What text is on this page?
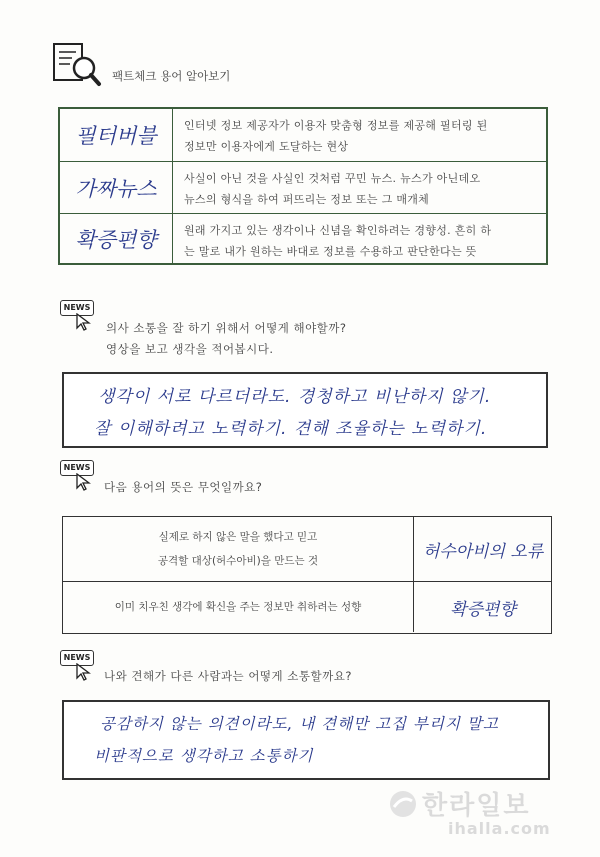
팩트체크 용어 알아보기
필터버블	인터넷 정보 제공자가 이용자 맞춤형 정보를 제공해 필터링 된
정보만 이용자에게 도달하는 현상
가짜뉴스	사실이 아닌 것을 사실인 것처럼 꾸민 뉴스. 뉴스가 아닌데오
뉴스의 형식을 하여 퍼뜨리는 정보 또는 그 매개체
확증편향	원래 가지고 있는 생각이나 신념을 확인하려는 경향성. 흔히 하
는 말로 내가 원하는 바대로 정보를 수용하고 판단한다는 뜻
NEWS
의사 소통을 잘 하기 위해서 어떻게 해야할까?
영상을 보고 생각을 적어봅시다.
생각이 서로 다르더라도. 경청하고 비난하지 않기.
잘 이해하려고 노력하기. 견해 조율하는 노력하기.
NEWS
다음 용어의 뜻은 무엇일까요?
실제로 하지 않은 말을 했다고 믿고
공격할 대상(허수아비)을 만드는 것	허수아비의 오류
이미 치우친 생각에 확신을 주는 정보만 취하려는 성향	확증편향
NEWS
나와 견해가 다른 사람과는 어떻게 소통할까요?
공감하지 않는 의견이라도, 내 견해만 고집 부리지 말고
비판적으로 생각하고 소통하기
한라일보
ihalla.com
